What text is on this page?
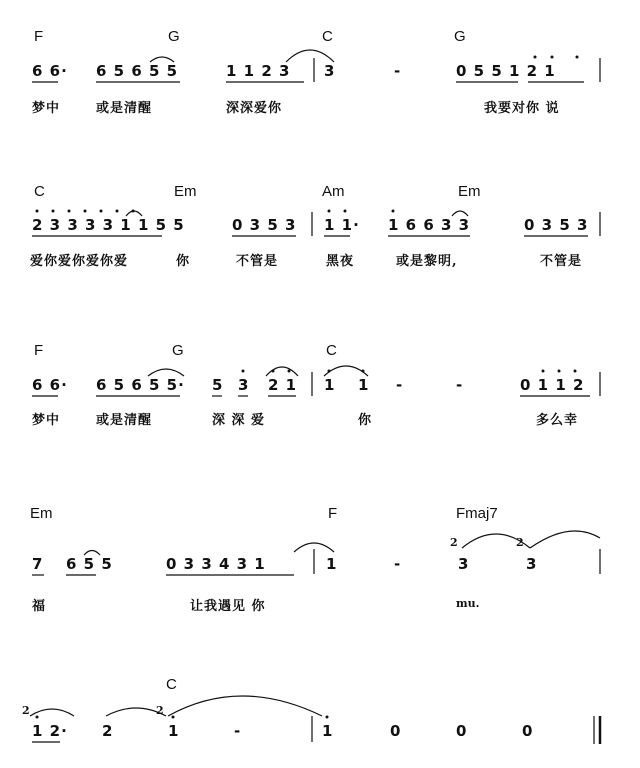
F	G	C	G
6 6· 6 5 6 5 5	1 1 2 3 3	-	0 5 5 1 2 1
梦中	或是清醒	深深爱你	我要对你 说
C	Em	Am	Em
2 3 3 3 3 1 1 5 5	0 3 5 3 1 1· 1 6 6 3 3	0 3 5 3
爱你爱你爱你爱	你	不管是	黑夜	或是黎明,	不管是
F	G	C
6 6· 6 5 6 5 5· 5 3 2 1 1 1 -	-	0 1 1 2
梦中	或是清醒	深 深 爱	你	多么幸
Em	F	Fmaj7
7 6 5 5	0 3 3 4 3 1	1	-	3	3
2	2
福	让我遇见 你	mu.
C
2	2
1 2· 2	1	-	1	0	0	0
